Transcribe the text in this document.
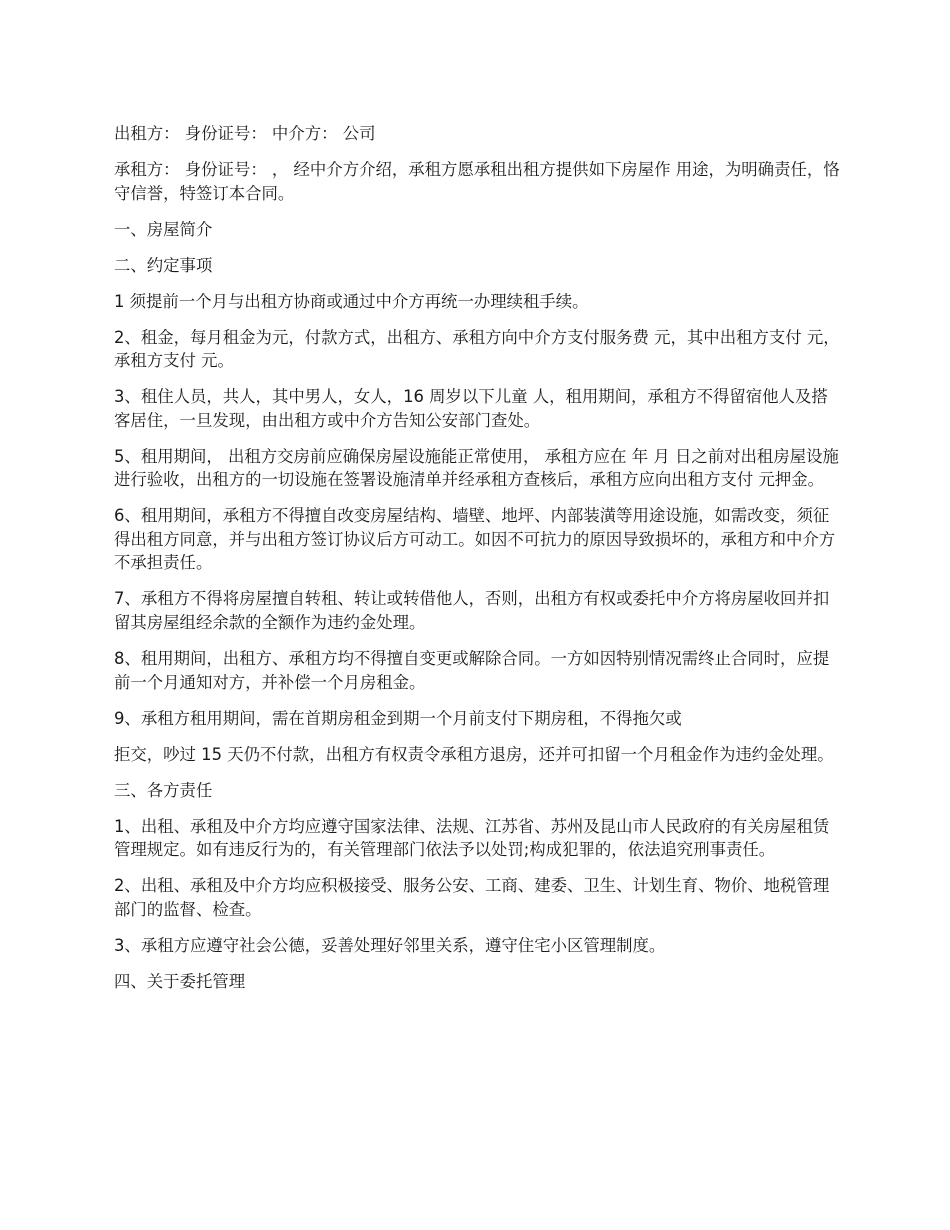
出租方： 身份证号： 中介方： 公司

承租方： 身份证号： ， 经中介方介绍，承租方愿承租出租方提供如下房屋作 用途，为明确责任，恪守信誉，特签订本合同。

一、房屋简介

二、约定事项

1 须提前一个月与出租方协商或通过中介方再统一办理续租手续。

2、租金，每月租金为元，付款方式，出租方、承租方向中介方支付服务费 元，其中出租方支付 元，承租方支付 元。

3、租住人员，共人，其中男人，女人，16 周岁以下儿童 人，租用期间，承租方不得留宿他人及搭客居住，一旦发现，由出租方或中介方告知公安部门查处。

5、租用期间， 出租方交房前应确保房屋设施能正常使用， 承租方应在 年 月 日之前对出租房屋设施进行验收，出租方的一切设施在签署设施清单并经承租方查核后，承租方应向出租方支付 元押金。

6、租用期间，承租方不得擅自改变房屋结构、墙壁、地坪、内部装潢等用途设施，如需改变，须征得出租方同意，并与出租方签订协议后方可动工。如因不可抗力的原因导致损坏的，承租方和中介方不承担责任。

7、承租方不得将房屋擅自转租、转让或转借他人，否则，出租方有权或委托中介方将房屋收回并扣留其房屋组经余款的全额作为违约金处理。

8、租用期间，出租方、承租方均不得擅自变更或解除合同。一方如因特别情况需终止合同时，应提前一个月通知对方，并补偿一个月房租金。

9、承租方租用期间，需在首期房租金到期一个月前支付下期房租，不得拖欠或

拒交，吵过 15 天仍不付款，出租方有权责令承租方退房，还并可扣留一个月租金作为违约金处理。

三、各方责任

1、出租、承租及中介方均应遵守国家法律、法规、江苏省、苏州及昆山市人民政府的有关房屋租赁管理规定。如有违反行为的，有关管理部门依法予以处罚;构成犯罪的，依法追究刑事责任。

2、出租、承租及中介方均应积极接受、服务公安、工商、建委、卫生、计划生育、物价、地税管理部门的监督、检查。

3、承租方应遵守社会公德，妥善处理好邻里关系，遵守住宅小区管理制度。

四、关于委托管理
